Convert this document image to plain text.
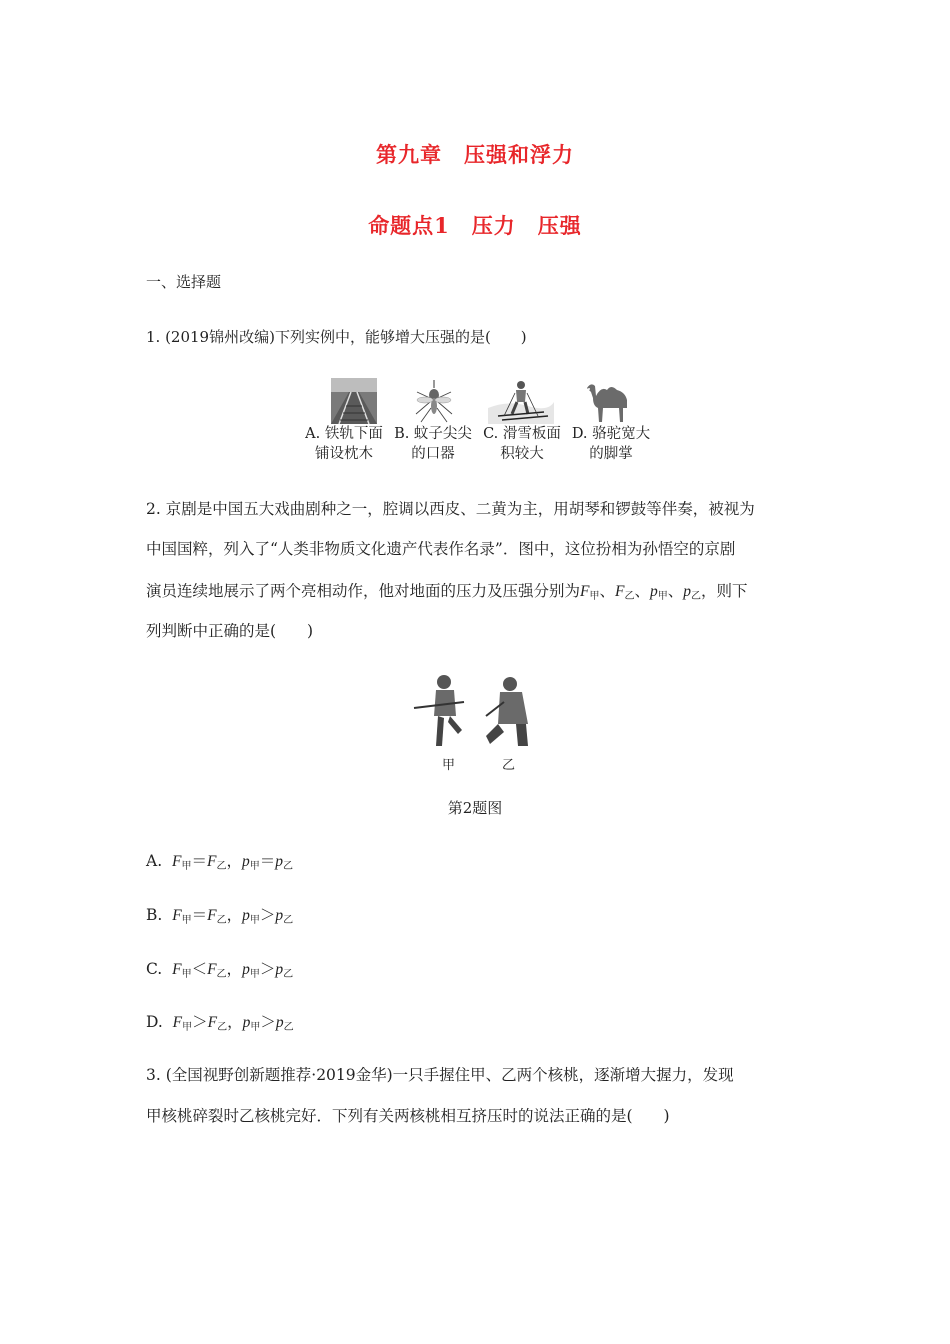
第九章　压强和浮力
命题点1　压力　压强
一、选择题
1. (2019锦州改编)下列实例中，能够增大压强的是(　　)
A. 铁轨下面
铺设枕木
B. 蚊子尖尖
的口器
C. 滑雪板面
积较大
D. 骆驼宽大
的脚掌
2. 京剧是中国五大戏曲剧种之一，腔调以西皮、二黄为主，用胡琴和锣鼓等伴奏，被视为
中国国粹，列入了“人类非物质文化遗产代表作名录”．图中，这位扮相为孙悟空的京剧
演员连续地展示了两个亮相动作，他对地面的压力及压强分别为$F_甲$、$F_乙$、$p_甲$、$p_乙$，则下
列判断中正确的是(　　)
甲	乙
第2题图
A. $F_甲=F_乙$，$p_甲=p_乙$
B. $F_甲=F_乙$，$p_甲>p_乙$
C. $F_甲<F_乙$，$p_甲>p_乙$
D. $F_甲>F_乙$，$p_甲>p_乙$
3. (全国视野创新题推荐·2019金华)一只手握住甲、乙两个核桃，逐渐增大握力，发现
甲核桃碎裂时乙核桃完好．下列有关两核桃相互挤压时的说法正确的是(　　)
